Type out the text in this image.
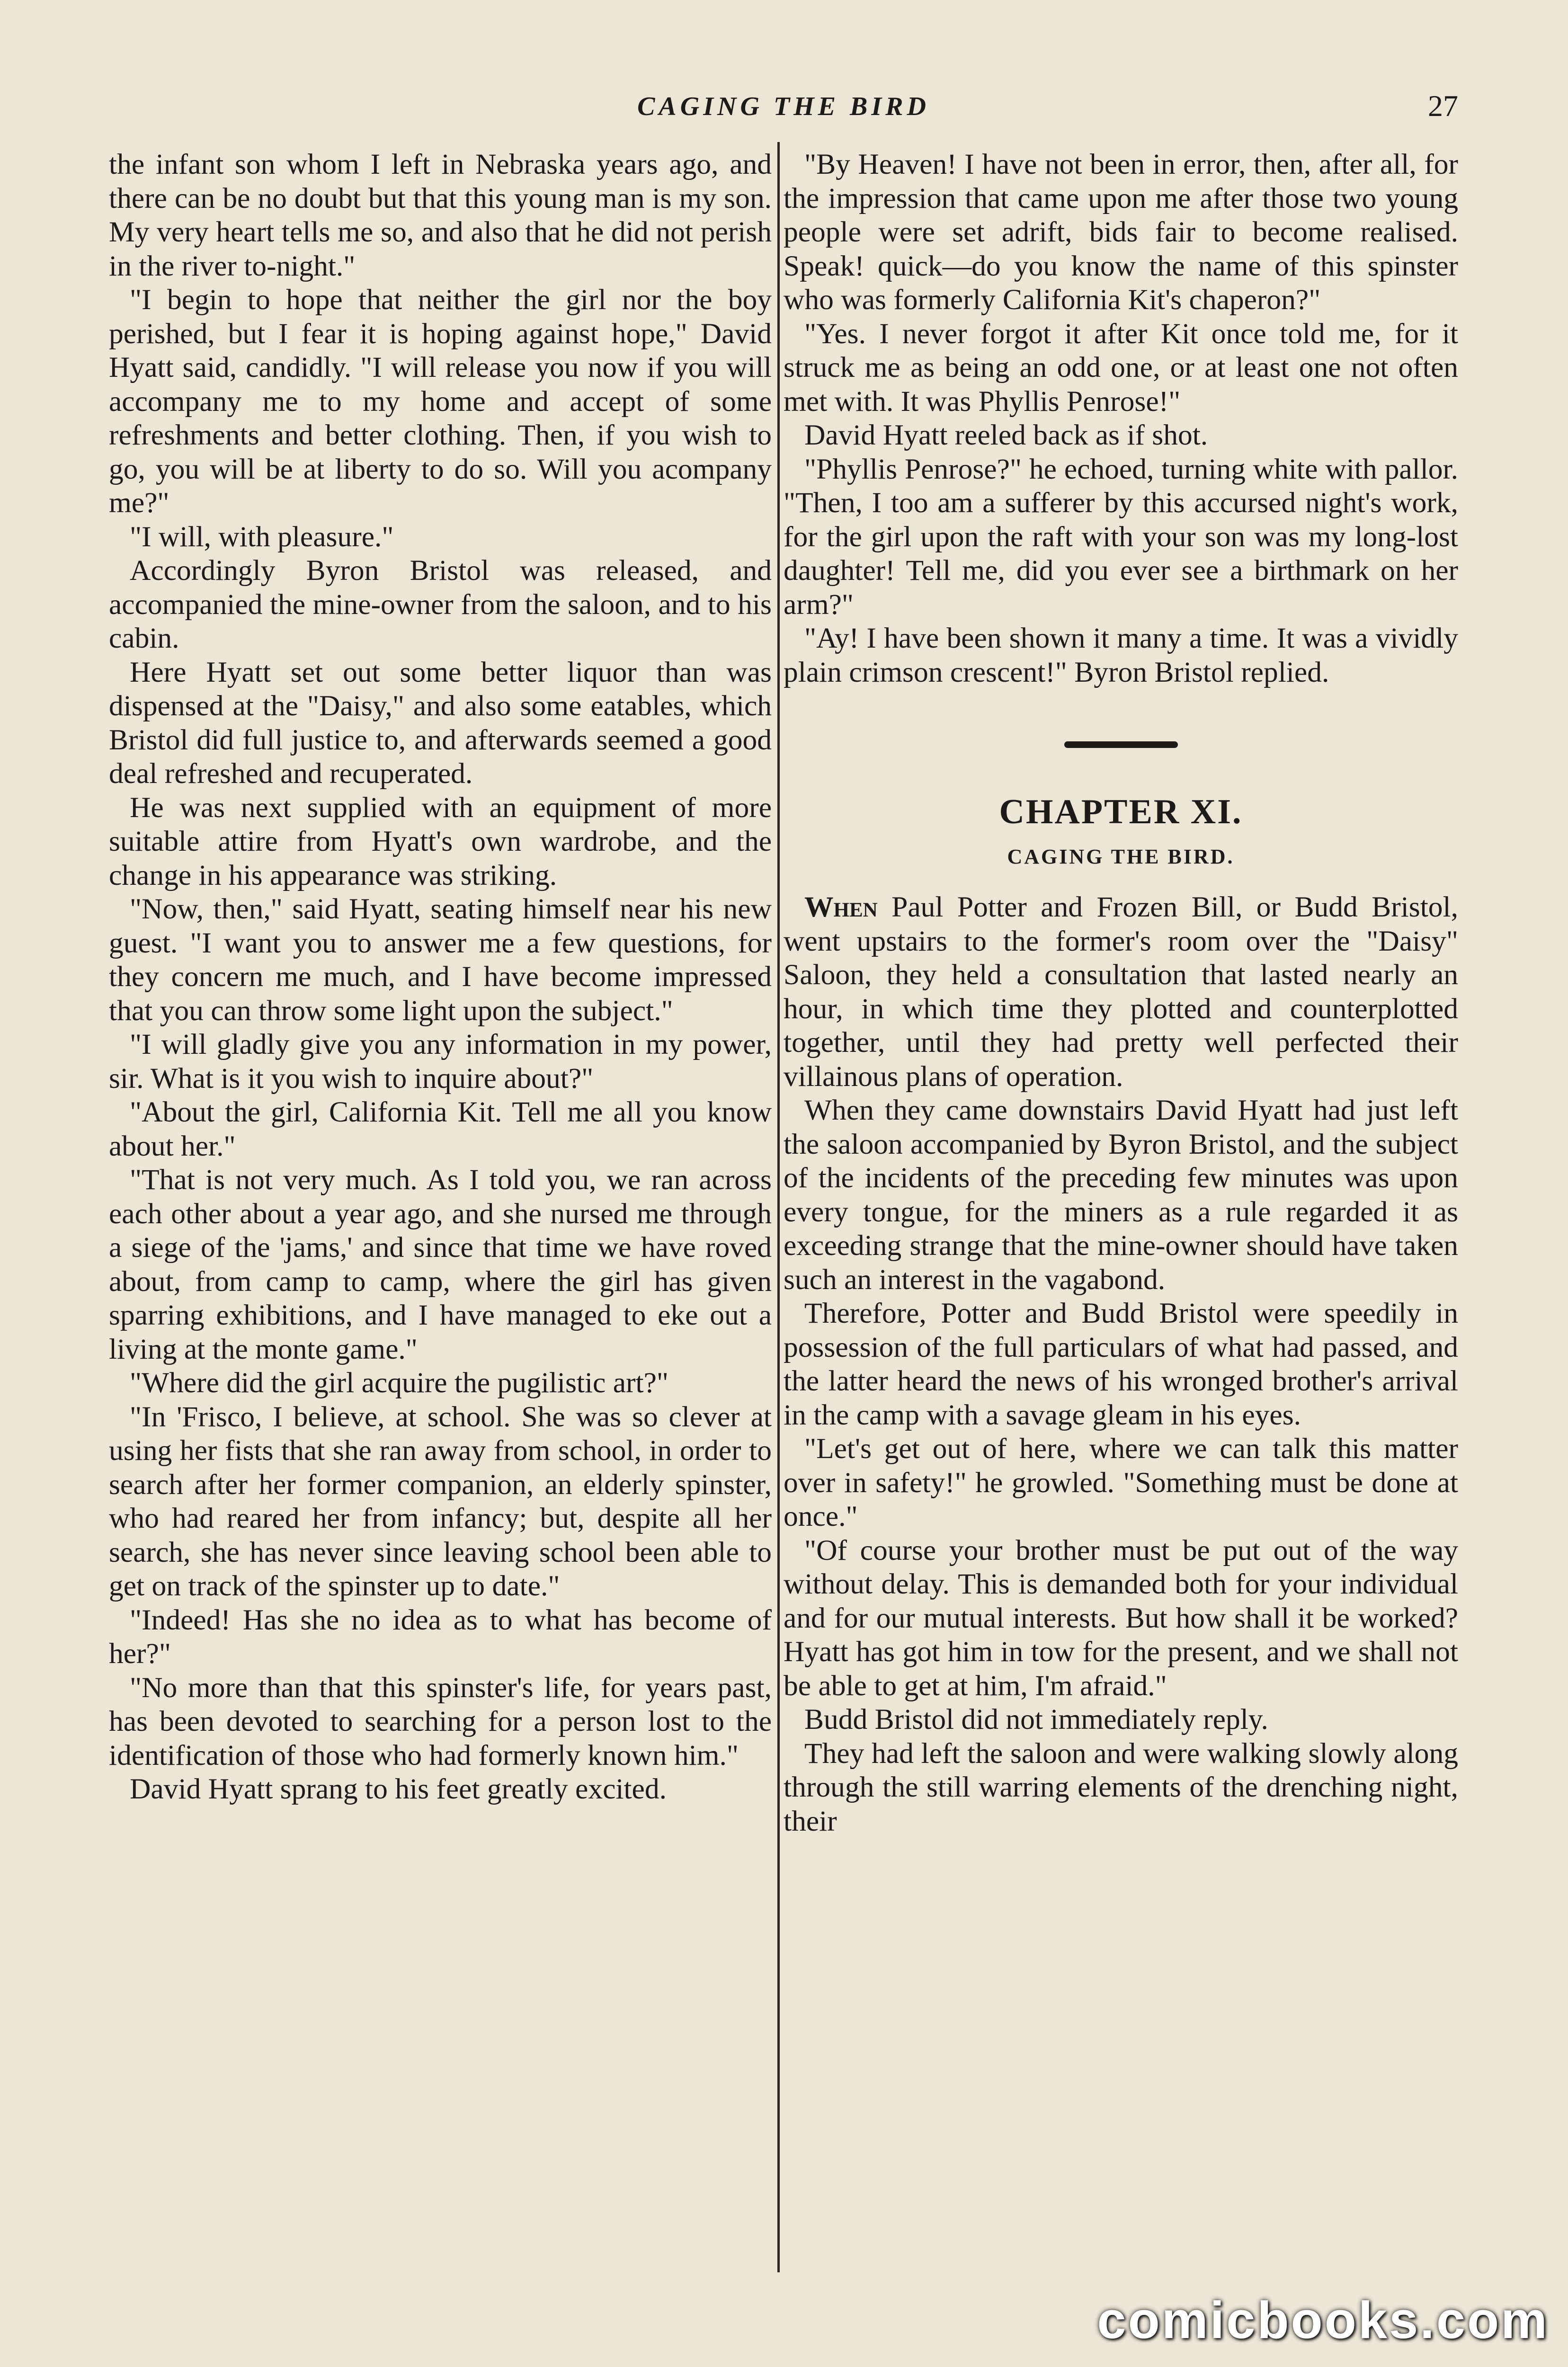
CAGING THE BIRD	27

the infant son whom I left in Nebraska years ago, and there can be no doubt but that this young man is my son. My very heart tells me so, and also that he did not perish in the river to-night."

"I begin to hope that neither the girl nor the boy perished, but I fear it is hoping against hope," David Hyatt said, candidly. "I will release you now if you will accompany me to my home and accept of some refreshments and better clothing. Then, if you wish to go, you will be at liberty to do so. Will you acompany me?"

"I will, with pleasure."

Accordingly Byron Bristol was released, and accompanied the mine-owner from the saloon, and to his cabin.

Here Hyatt set out some better liquor than was dispensed at the "Daisy," and also some eatables, which Bristol did full justice to, and afterwards seemed a good deal refreshed and recuperated.

He was next supplied with an equipment of more suitable attire from Hyatt's own wardrobe, and the change in his appearance was striking.

"Now, then," said Hyatt, seating himself near his new guest. "I want you to answer me a few questions, for they concern me much, and I have become impressed that you can throw some light upon the subject."

"I will gladly give you any information in my power, sir. What is it you wish to inquire about?"

"About the girl, California Kit. Tell me all you know about her."

"That is not very much. As I told you, we ran across each other about a year ago, and she nursed me through a siege of the 'jams,' and since that time we have roved about, from camp to camp, where the girl has given sparring exhibitions, and I have managed to eke out a living at the monte game."

"Where did the girl acquire the pugilistic art?"

"In 'Frisco, I believe, at school. She was so clever at using her fists that she ran away from school, in order to search after her former companion, an elderly spinster, who had reared her from infancy; but, despite all her search, she has never since leaving school been able to get on track of the spinster up to date."

"Indeed! Has she no idea as to what has become of her?"

"No more than that this spinster's life, for years past, has been devoted to searching for a person lost to the identification of those who had formerly known him."

David Hyatt sprang to his feet greatly excited.

"By Heaven! I have not been in error, then, after all, for the impression that came upon me after those two young people were set adrift, bids fair to become realised. Speak! quick—do you know the name of this spinster who was formerly California Kit's chaperon?"

"Yes. I never forgot it after Kit once told me, for it struck me as being an odd one, or at least one not often met with. It was Phyllis Penrose!"

David Hyatt reeled back as if shot.

"Phyllis Penrose?" he echoed, turning white with pallor. "Then, I too am a sufferer by this accursed night's work, for the girl upon the raft with your son was my long-lost daughter! Tell me, did you ever see a birthmark on her arm?"

"Ay! I have been shown it many a time. It was a vividly plain crimson crescent!" Byron Bristol replied.

CHAPTER XI.
CAGING THE BIRD.

When Paul Potter and Frozen Bill, or Budd Bristol, went upstairs to the former's room over the "Daisy" Saloon, they held a consultation that lasted nearly an hour, in which time they plotted and counterplotted together, until they had pretty well perfected their villainous plans of operation.

When they came downstairs David Hyatt had just left the saloon accompanied by Byron Bristol, and the subject of the incidents of the preceding few minutes was upon every tongue, for the miners as a rule regarded it as exceeding strange that the mine-owner should have taken such an interest in the vagabond.

Therefore, Potter and Budd Bristol were speedily in possession of the full particulars of what had passed, and the latter heard the news of his wronged brother's arrival in the camp with a savage gleam in his eyes.

"Let's get out of here, where we can talk this matter over in safety!" he growled. "Something must be done at once."

"Of course your brother must be put out of the way without delay. This is demanded both for your individual and for our mutual interests. But how shall it be worked? Hyatt has got him in tow for the present, and we shall not be able to get at him, I'm afraid."

Budd Bristol did not immediately reply.

They had left the saloon and were walking slowly along through the still warring elements of the drenching night, their

comicbooks.com
